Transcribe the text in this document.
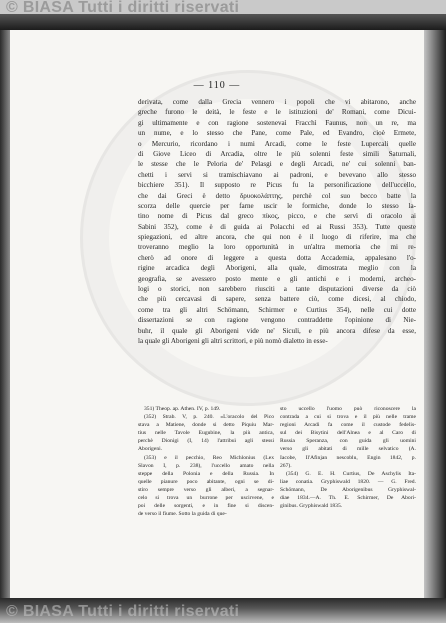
© BIASA Tutti i diritti riservati
— 110 —

derivata, come dalla Grecia vennero i popoli che vi abitarono, anche

greche furono le deità, le feste e le istituzioni de' Romani, come Dicui-

gi ultimamente e con ragione sostenevaì Fracchì Faunus, non un re, ma

un nume, e lo stesso che Pane, come Pale, ed Evandro, cioè Ermete,

o Mercurio, ricordano i numi Arcadi, come le feste Lupercali quelle

di Giove Liceo di Arcadia, oltre le più solenni feste simili Saturnali,

le stesse che le Peloria de' Pelasgi e degli Arcadi, ne' cui solenni ban-

chetti i servi si tramischiavano ai padroni, e bevevano allo stesso

bicchiere 351). Il supposto re Picus fu la personificazione dell'uccello,

che dai Greci è detto δρυοκολάπτης, perchè col suo becco batte la

scorza delle quercie per farne uscir le formiche, donde lo stesso la-

tino nome di Picus dal greco πίκος, picco, e che servì di oracolo ai

Sabini 352), come è di guida ai Polacchi ed ai Russi 353). Tutte queste

spiegazioni, ed altre ancora, che qui non è il luogo di riferire, ma che

troveranno meglio la loro opportunità in un'altra memoria che mi re-

cherò ad onore di leggere a questa dotta Accademia, appalesano l'o-

rigine arcadica degli Aborigeni, alla quale, dimostrata meglio con la

geografia, se avessero posto mente e gli antichi e i moderni, archeo-

logi o storici, non sarebbero riusciti a tante disputazioni diverse da ciò

che più cercavasi di sapere, senza battere ciò, come dicesi, al chiodo,

come tra gli altri Schömann, Schirmer e Curtius 354), nelle cui dotte

dissertazioni se con ragione vengono contraddette l'opinione di Nie-

buhr, il quale gli Aborigeni vide ne' Siculi, e più ancora difese da esse,

la quale gli Aborigeni gli altri scrittori, e più nomò dialetto in esse-

351) Theop. ap. Athen. IV, p. 149.

(352) Strab. V, p. 240. «L'oracolo del Pico

stava a Matiene, donde si detto Piquiu Mar-

tius nelle Tavole Eugubine, la più antica,

perchè Dionigi (I, 14) l'attribuì agli stessi

Aborigeni.

(353) e il pecchio, Reo Michlonius (Lex

Slavon I, p. 238), l'uccello amato nella

steppe della Polonia e della Russia. In

quelle pianure poco abitante, ogni se di-

stiro sempre verso gli alberi, a segnar-

celo si trova un burrone per uscirvene, e

poi delle sorgenti, e in fine si discen-

de verso il fiume. Sotto la guida di que-

sto uccello l'uomo può riconoscere la

contrada a cui si trova e il più nelle trame

regioni Arcadi fa come il custode fedelis-

sul dei Bisytini dell'Alnea e al Caro di

Russia Speranza, con guida gli uomini

verso gli abitati di mille selvatico (A.

Iacobe, Il'Afinjan nescoblu, Engin 1842, p.

267).

(354) G. E. H. Curtius, De Aschylis Ita-

liae conatia. Gryphiswald 1820. — G. Fred.

Schömann, De Aborigenibus Gryphiswal-

diae 1834.—A. Th. E. Schirmer, De Abori-

ginibus. Gryphiswald 1835.

© BIASA Tutti i diritti riservati
